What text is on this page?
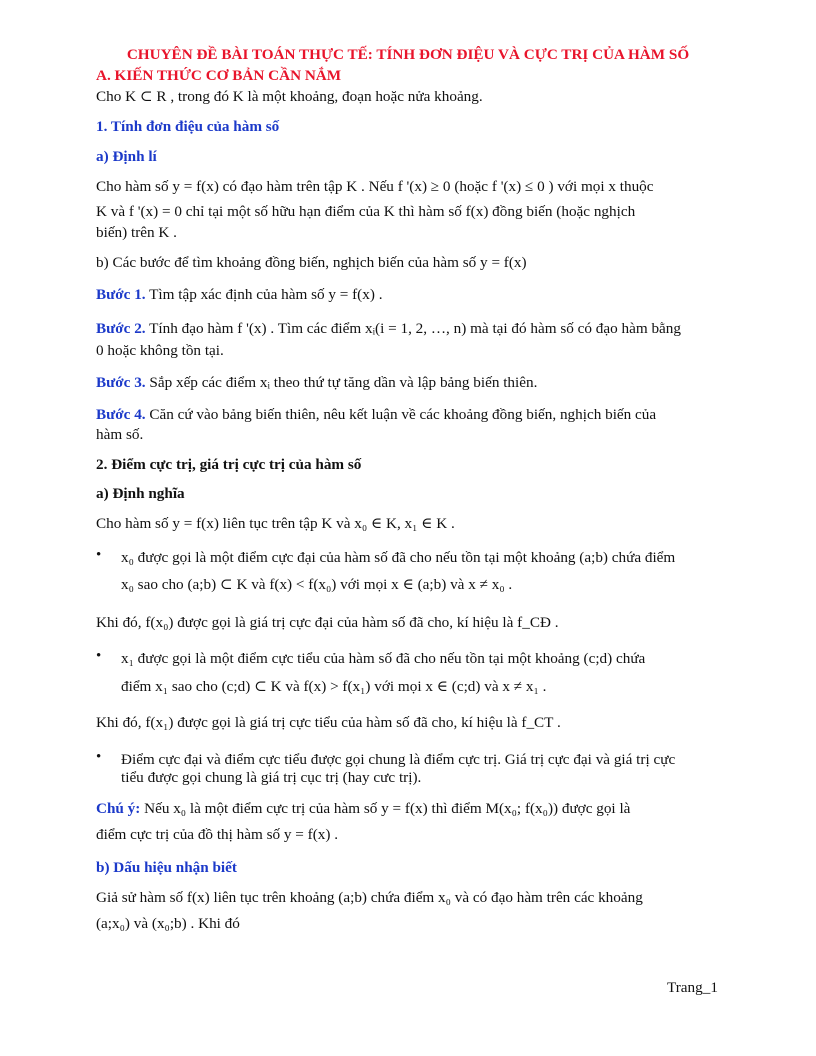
CHUYÊN ĐỀ BÀI TOÁN THỰC TẾ: TÍNH ĐƠN ĐIỆU VÀ CỰC TRỊ CỦA HÀM SỐ
A. KIẾN THỨC CƠ BẢN CẦN NẮM
Cho K ⊂ R , trong đó K là một khoảng, đoạn hoặc nửa khoảng.
1. Tính đơn điệu của hàm số
a) Định lí
Cho hàm số y = f(x) có đạo hàm trên tập K . Nếu f '(x) ≥ 0 (hoặc f '(x) ≤ 0 ) với mọi x thuộc
K và f '(x) = 0 chỉ tại một số hữu hạn điểm của K thì hàm số f(x) đồng biến (hoặc nghịch
biến) trên K .
b) Các bước để tìm khoảng đồng biến, nghịch biến của hàm số y = f(x)
Bước 1. Tìm tập xác định của hàm số y = f(x) .
Bước 2. Tính đạo hàm f '(x) . Tìm các điểm xᵢ(i = 1, 2, …, n) mà tại đó hàm số có đạo hàm bằng
0 hoặc không tồn tại.
Bước 3. Sắp xếp các điểm xᵢ theo thứ tự tăng dần và lập bảng biến thiên.
Bước 4. Căn cứ vào bảng biến thiên, nêu kết luận về các khoảng đồng biến, nghịch biến của
hàm số.
2. Điểm cực trị, giá trị cực trị của hàm số
a) Định nghĩa
Cho hàm số y = f(x) liên tục trên tập K và x₀ ∈ K, x₁ ∈ K .
• x₀ được gọi là một điểm cực đại của hàm số đã cho nếu tồn tại một khoảng (a;b) chứa điểm
x₀ sao cho (a;b) ⊂ K và f(x) < f(x₀) với mọi x ∈ (a;b) và x ≠ x₀ .
Khi đó, f(x₀) được gọi là giá trị cực đại của hàm số đã cho, kí hiệu là f_CĐ .
• x₁ được gọi là một điểm cực tiểu của hàm số đã cho nếu tồn tại một khoảng (c;d) chứa
điểm x₁ sao cho (c;d) ⊂ K và f(x) > f(x₁) với mọi x ∈ (c;d) và x ≠ x₁ .
Khi đó, f(x₁) được gọi là giá trị cực tiểu của hàm số đã cho, kí hiệu là f_CT .
• Điểm cực đại và điểm cực tiểu được gọi chung là điểm cực trị. Giá trị cực đại và giá trị cực
tiểu được gọi chung là giá trị cục trị (hay cưc trị).
Chú ý: Nếu x₀ là một điểm cực trị của hàm số y = f(x) thì điểm M(x₀; f(x₀)) được gọi là
điểm cực trị của đồ thị hàm số y = f(x) .
b) Dấu hiệu nhận biết
Giả sử hàm số f(x) liên tục trên khoảng (a;b) chứa điểm x₀ và có đạo hàm trên các khoảng
(a;x₀) và (x₀;b) . Khi đó
Trang_1
